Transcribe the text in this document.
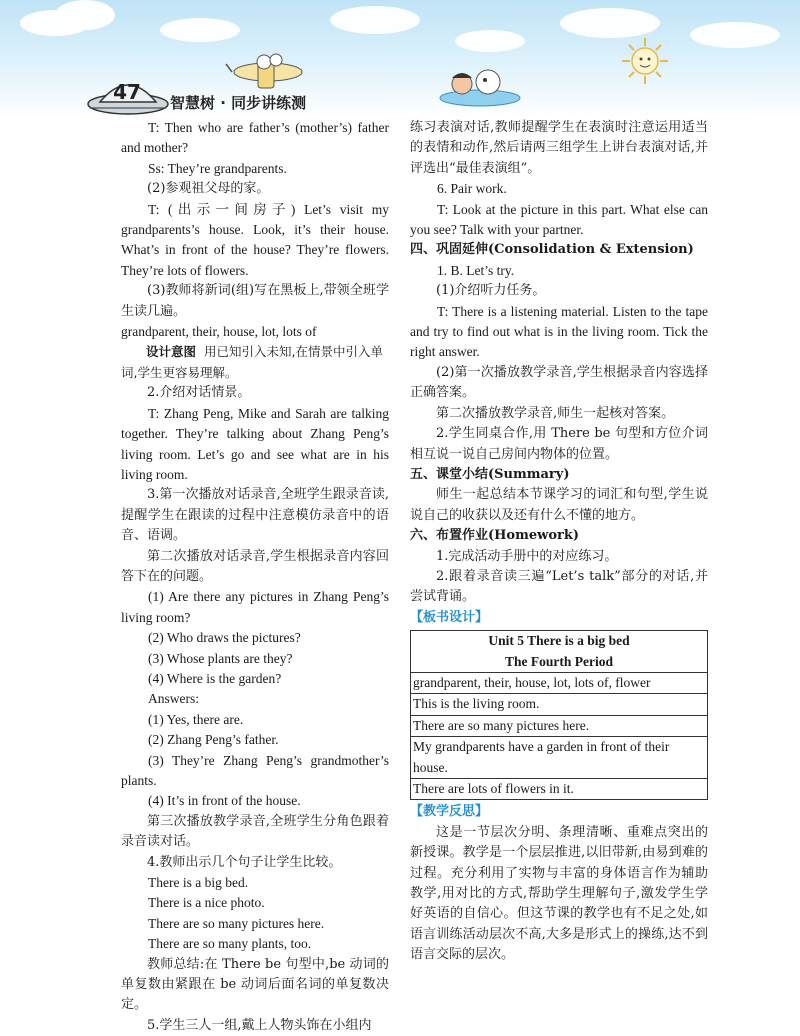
47	智慧树 · 同步讲练测

T: Then who are father’s (mother’s) father and mother?

Ss: They’re grandparents.

(2)参观祖父母的家。

T: (出示一间房子) Let’s visit my grandparents’s house. Look, it’s their house. What’s in front of the house? They’re flowers. They’re lots of flowers.

(3)教师将新词(组)写在黑板上,带领全班学生读几遍。

grandparent, their, house, lot, lots of

设计意图 用已知引入未知,在情景中引入单词,学生更容易理解。

2.介绍对话情景。

T: Zhang Peng, Mike and Sarah are talking together. They’re talking about Zhang Peng’s living room. Let’s go and see what are in his living room.

3.第一次播放对话录音,全班学生跟录音读,提醒学生在跟读的过程中注意模仿录音中的语音、语调。

第二次播放对话录音,学生根据录音内容回答下在的问题。

(1) Are there any pictures in Zhang Peng’s living room?

(2) Who draws the pictures?

(3) Whose plants are they?

(4) Where is the garden?

Answers:

(1) Yes, there are.

(2) Zhang Peng’s father.

(3) They’re Zhang Peng’s grandmother’s plants.

(4) It’s in front of the house.

第三次播放教学录音,全班学生分角色跟着录音读对话。

4.教师出示几个句子让学生比较。

There is a big bed.

There is a nice photo.

There are so many pictures here.

There are so many plants, too.

教师总结:在 There be 句型中,be 动词的单复数由紧跟在 be 动词后面名词的单复数决定。

5.学生三人一组,戴上人物头饰在小组内

练习表演对话,教师提醒学生在表演时注意运用适当的表情和动作,然后请两三组学生上讲台表演对话,并评选出“最佳表演组”。

6. Pair work.

T: Look at the picture in this part. What else can you see? Talk with your partner.

四、巩固延伸(Consolidation & Extension)

1. B. Let’s try.

(1)介绍听力任务。

T: There is a listening material. Listen to the tape and try to find out what is in the living room. Tick the right answer.

(2)第一次播放教学录音,学生根据录音内容选择正确答案。

第二次播放教学录音,师生一起核对答案。

2.学生同桌合作,用 There be 句型和方位介词相互说一说自己房间内物体的位置。

五、课堂小结(Summary)

师生一起总结本节课学习的词汇和句型,学生说说自己的收获以及还有什么不懂的地方。

六、布置作业(Homework)

1.完成活动手册中的对应练习。

2.跟着录音读三遍“Let’s talk”部分的对话,并尝试背诵。

【板书设计】
Unit 5 There is a big bed
The Fourth Period
grandparent, their, house, lot, lots of, flower
This is the living room.
There are so many pictures here.
My grandparents have a garden in front of their house.
There are lots of flowers in it.
【教学反思】

这是一节层次分明、条理清晰、重难点突出的新授课。教学是一个层层推进,以旧带新,由易到难的过程。充分利用了实物与丰富的身体语言作为辅助教学,用对比的方式,帮助学生理解句子,激发学生学好英语的自信心。但这节课的教学也有不足之处,如语言训练活动层次不高,大多是形式上的操练,达不到语言交际的层次。
